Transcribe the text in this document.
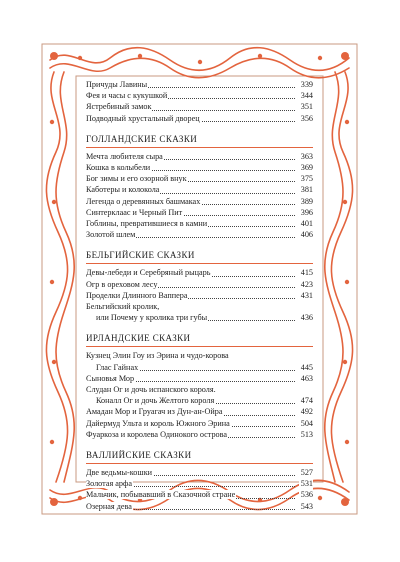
Причуды Лавины	339
Фея и часы с кукушкой	344
Ястребиный замок	351
Подводный хрустальный дворец	356
ГОЛЛАНДСКИЕ СКАЗКИ
Мечта любителя сыра	363
Кошка в колыбели	369
Бог зимы и его озорной внук	375
Каботеры и колокола	381
Легенда о деревянных башмаках	389
Синтерклаас и Черный Пит	396
Гоблины, превратившиеся в камни	401
Золотой шлем	406
БЕЛЬГИЙСКИЕ СКАЗКИ
Девы-лебеди и Серебряный рыцарь	415
Огр в ореховом лесу	423
Проделки Длинного Ваппера	431
Бельгийский кролик,
или Почему у кролика три губы	436
ИРЛАНДСКИЕ СКАЗКИ
Кузнец Элин Гоу из Эрина и чудо-корова
Глас Гайнах	445
Сыновья Мор	463
Слудан Ог и дочь испанского короля.
Коналл Ог и дочь Желтого короля	474
Амадан Мор и Груагач из Дун-ан-Ойра	492
Дайермуд Ульта и король Южного Эрина	504
Фуаркоза и королева Одинокого острова	513
ВАЛЛИЙСКИЕ СКАЗКИ
Две ведьмы-кошки	527
Золотая арфа	531
Мальчик, побывавший в Сказочной стране	536
Озерная дева	543
